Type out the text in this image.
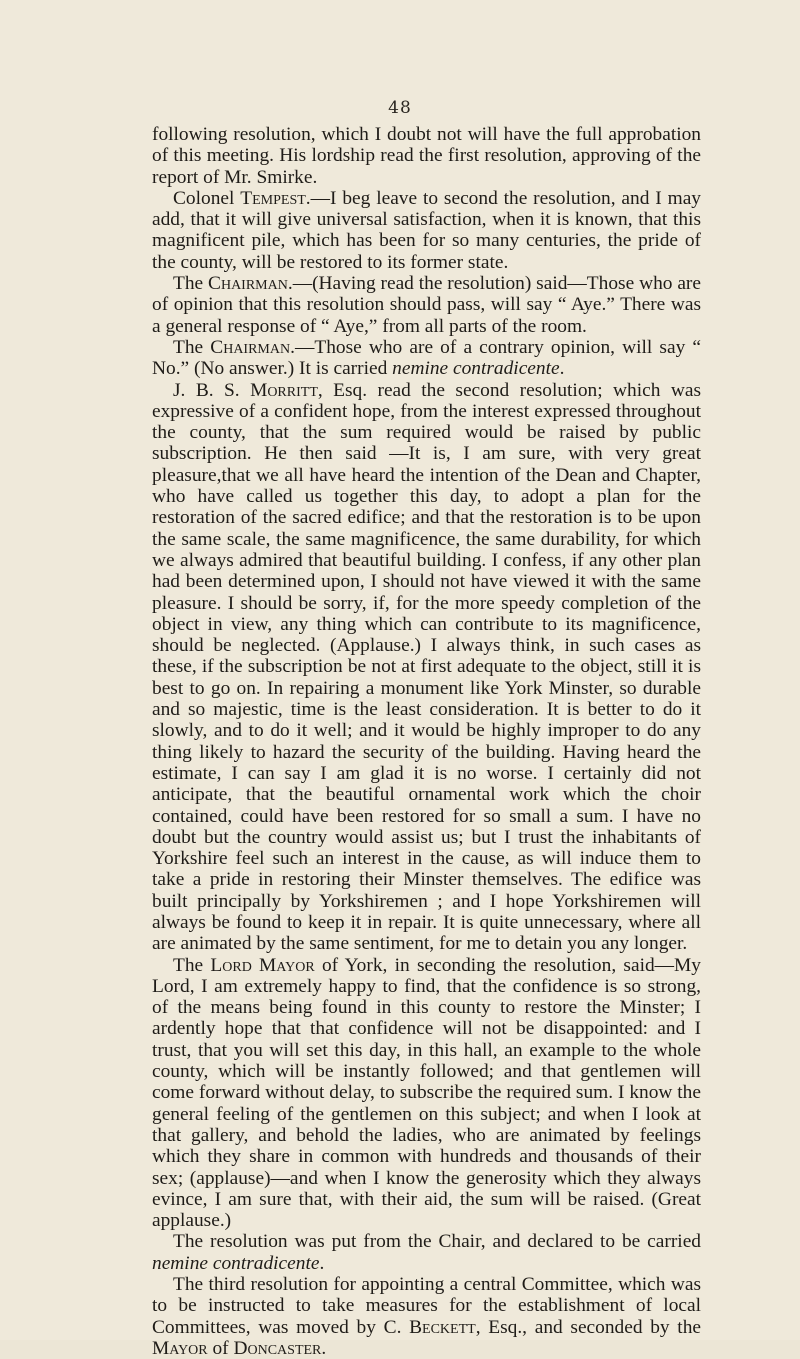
48

following resolution, which I doubt not will have the full approbation of this meeting. His lordship read the first resolution, approving of the report of Mr. Smirke.

Colonel Tempest.—I beg leave to second the resolution, and I may add, that it will give universal satisfaction, when it is known, that this magnificent pile, which has been for so many centuries, the pride of the county, will be restored to its former state.

The Chairman.—(Having read the resolution) said—Those who are of opinion that this resolution should pass, will say “ Aye.” There was a general response of “ Aye,” from all parts of the room.

The Chairman.—Those who are of a contrary opinion, will say “ No.” (No answer.) It is carried nemine contradicente.

J. B. S. Morritt, Esq. read the second resolution; which was expressive of a confident hope, from the interest expressed throughout the county, that the sum required would be raised by public subscription. He then said —It is, I am sure, with very great pleasure,that we all have heard the intention of the Dean and Chapter, who have called us together this day, to adopt a plan for the restoration of the sacred edifice; and that the restoration is to be upon the same scale, the same magnificence, the same durability, for which we always admired that beautiful building. I confess, if any other plan had been determined upon, I should not have viewed it with the same pleasure. I should be sorry, if, for the more speedy completion of the object in view, any thing which can contribute to its magnificence, should be neglected. (Applause.) I always think, in such cases as these, if the subscription be not at first adequate to the object, still it is best to go on. In repairing a monument like York Minster, so durable and so majestic, time is the least consideration. It is better to do it slowly, and to do it well; and it would be highly improper to do any thing likely to hazard the security of the building. Having heard the estimate, I can say I am glad it is no worse. I certainly did not anticipate, that the beautiful ornamental work which the choir contained, could have been restored for so small a sum. I have no doubt but the country would assist us; but I trust the inhabitants of Yorkshire feel such an interest in the cause, as will induce them to take a pride in restoring their Minster themselves. The edifice was built principally by Yorkshiremen ; and I hope Yorkshiremen will always be found to keep it in repair. It is quite unnecessary, where all are animated by the same sentiment, for me to detain you any longer.

The Lord Mayor of York, in seconding the resolution, said—My Lord, I am extremely happy to find, that the confidence is so strong, of the means being found in this county to restore the Minster; I ardently hope that that confidence will not be disappointed: and I trust, that you will set this day, in this hall, an example to the whole county, which will be instantly followed; and that gentlemen will come forward without delay, to subscribe the required sum. I know the general feeling of the gentlemen on this subject; and when I look at that gallery, and behold the ladies, who are animated by feelings which they share in common with hundreds and thousands of their sex; (applause)—and when I know the generosity which they always evince, I am sure that, with their aid, the sum will be raised. (Great applause.)

The resolution was put from the Chair, and declared to be carried nemine contradicente.

The third resolution for appointing a central Committee, which was to be instructed to take measures for the establishment of local Committees, was moved by C. Beckett, Esq., and seconded by the Mayor of Doncaster.
